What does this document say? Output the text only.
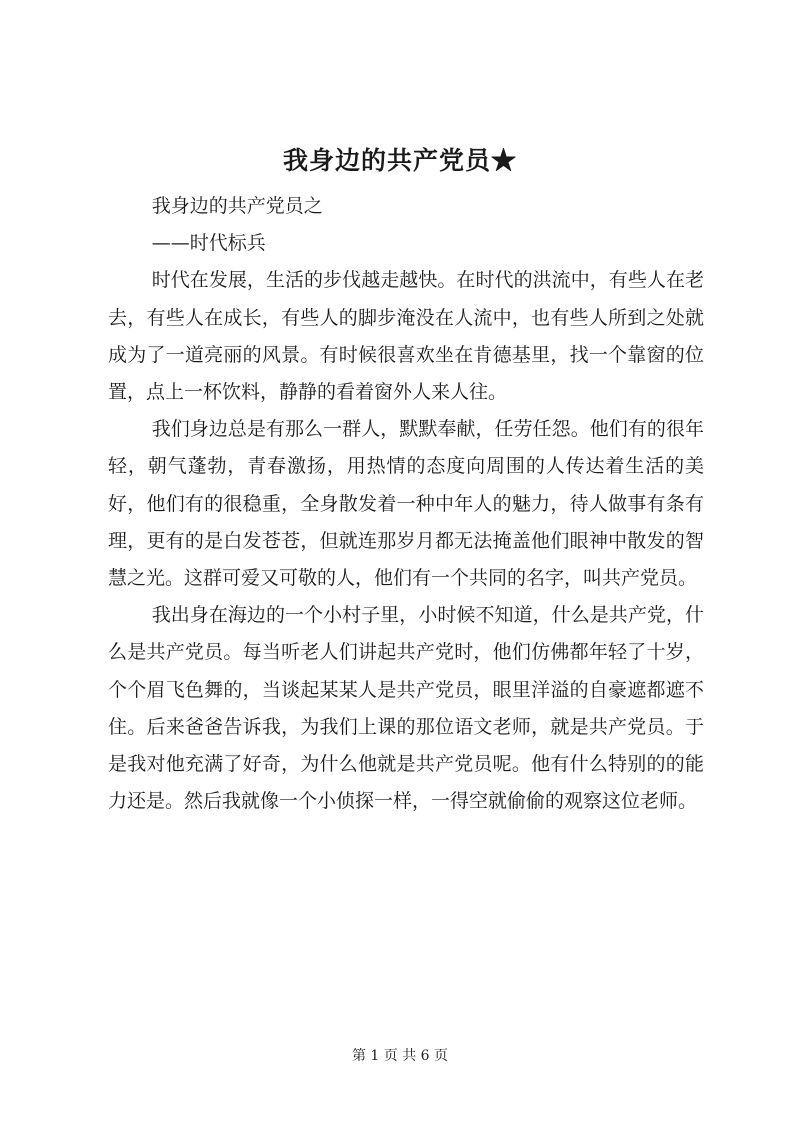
我身边的共产党员★

我身边的共产党员之

——时代标兵

时代在发展，生活的步伐越走越快。在时代的洪流中，有些人在老去，有些人在成长，有些人的脚步淹没在人流中，也有些人所到之处就成为了一道亮丽的风景。有时候很喜欢坐在肯德基里，找一个靠窗的位置，点上一杯饮料，静静的看着窗外人来人往。

我们身边总是有那么一群人，默默奉献，任劳任怨。他们有的很年轻，朝气蓬勃，青春激扬，用热情的态度向周围的人传达着生活的美好，他们有的很稳重，全身散发着一种中年人的魅力，待人做事有条有理，更有的是白发苍苍，但就连那岁月都无法掩盖他们眼神中散发的智慧之光。这群可爱又可敬的人，他们有一个共同的名字，叫共产党员。

我出身在海边的一个小村子里，小时候不知道，什么是共产党，什么是共产党员。每当听老人们讲起共产党时，他们仿佛都年轻了十岁，个个眉飞色舞的，当谈起某某人是共产党员，眼里洋溢的自豪遮都遮不住。后来爸爸告诉我，为我们上课的那位语文老师，就是共产党员。于是我对他充满了好奇，为什么他就是共产党员呢。他有什么特别的的能力还是。然后我就像一个小侦探一样，一得空就偷偷的观察这位老师。

第 1 页 共 6 页
